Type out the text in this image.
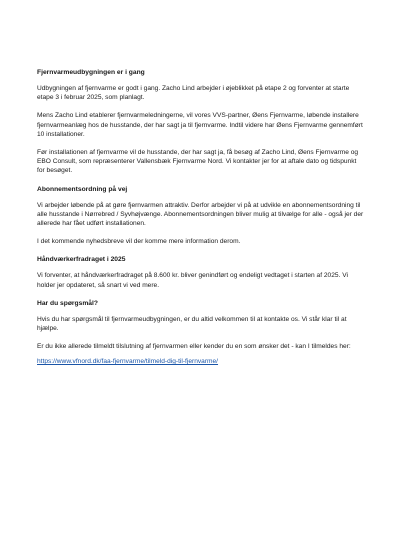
Fjernvarmeudbygningen er i gang

Udbygningen af fjernvarme er godt i gang. Zacho Lind arbejder i øjeblikket på etape 2 og forventer at starte etape 3 i februar 2025, som planlagt.

Mens Zacho Lind etablerer fjernvarmeledningerne, vil vores VVS-partner, Øens Fjernvarme, løbende installere fjernvarmeanlæg hos de husstande, der har sagt ja til fjernvarme. Indtil videre har Øens Fjernvarme gennemført 10 installationer.

Før installationen af fjernvarme vil de husstande, der har sagt ja, få besøg af Zacho Lind, Øens Fjernvarme og EBO Consult, som repræsenterer Vallensbæk Fjernvarme Nord. Vi kontakter jer for at aftale dato og tidspunkt for besøget.

Abonnementsordning på vej

Vi arbejder løbende på at gøre fjernvarmen attraktiv. Derfor arbejder vi på at udvikle en abonnementsordning til alle husstande i Nørrebred / Syvhøjvænge. Abonnementsordningen bliver mulig at tilvælge for alle - også jer der allerede har fået udført installationen.

I det kommende nyhedsbreve vil der komme mere information derom.

Håndværkerfradraget i 2025

Vi forventer, at håndværkerfradraget på 8.600 kr. bliver genindført og endeligt vedtaget i starten af 2025. Vi holder jer opdateret, så snart vi ved mere.

Har du spørgsmål?

Hvis du har spørgsmål til fjernvarmeudbygningen, er du altid velkommen til at kontakte os. Vi står klar til at hjælpe.

Er du ikke allerede tilmeldt tilslutning af fjernvarmen eller kender du en som ønsker det - kan I tilmeldes her:

https://www.vfnord.dk/faa-fjernvarme/tilmeld-dig-til-fjernvarme/
